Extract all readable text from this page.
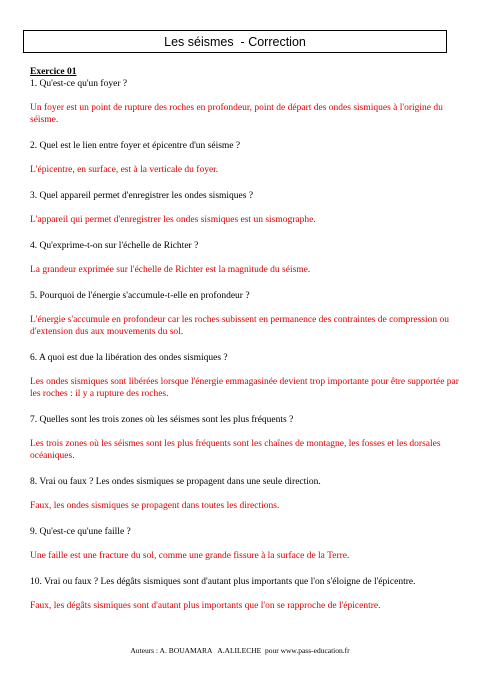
Les séismes  - Correction
Exercice 01
1. Qu'est-ce qu'un foyer ?
Un foyer est un point de rupture des roches en profondeur, point de départ des ondes sismiques à l'origine du séisme.
2. Quel est le lien entre foyer et épicentre d'un séisme ?
L'épicentre, en surface, est à la verticale du foyer.
3. Quel appareil permet d'enregistrer les ondes sismiques ?
L'appareil qui permet d'enregistrer les ondes sismiques est un sismographe.
4. Qu'exprime-t-on sur l'échelle de Richter ?
La grandeur exprimée sur l'échelle de Richter est la magnitude du séisme.
5. Pourquoi de l'énergie s'accumule-t-elle en profondeur ?
L'énergie s'accumule en profondeur car les roches subissent en permanence des contraintes de compression ou d'extension dus aux mouvements du sol.
6. A quoi est due la libération des ondes sismiques ?
Les ondes sismiques sont libérées lorsque l'énergie emmagasinée devient trop importante pour être supportée par les roches : il y a rupture des roches.
7. Quelles sont les trois zones où les séismes sont les plus fréquents ?
Les trois zones où les séismes sont les plus fréquents sont les chaînes de montagne, les fosses et les dorsales océaniques.
8. Vrai ou faux ? Les ondes sismiques se propagent dans une seule direction.
Faux, les ondes sismiques se propagent dans toutes les directions.
9. Qu'est-ce qu'une faille ?
Une faille est une fracture du sol, comme une grande fissure à la surface de la Terre.
10. Vrai ou faux ? Les dégâts sismiques sont d'autant plus importants que l'on s'éloigne de l'épicentre.
Faux, les dégâts sismiques sont d'autant plus importants que l'on se rapproche de l'épicentre.
Auteurs : A. BOUAMARA   A.ALILECHE  pour www.pass-education.fr
